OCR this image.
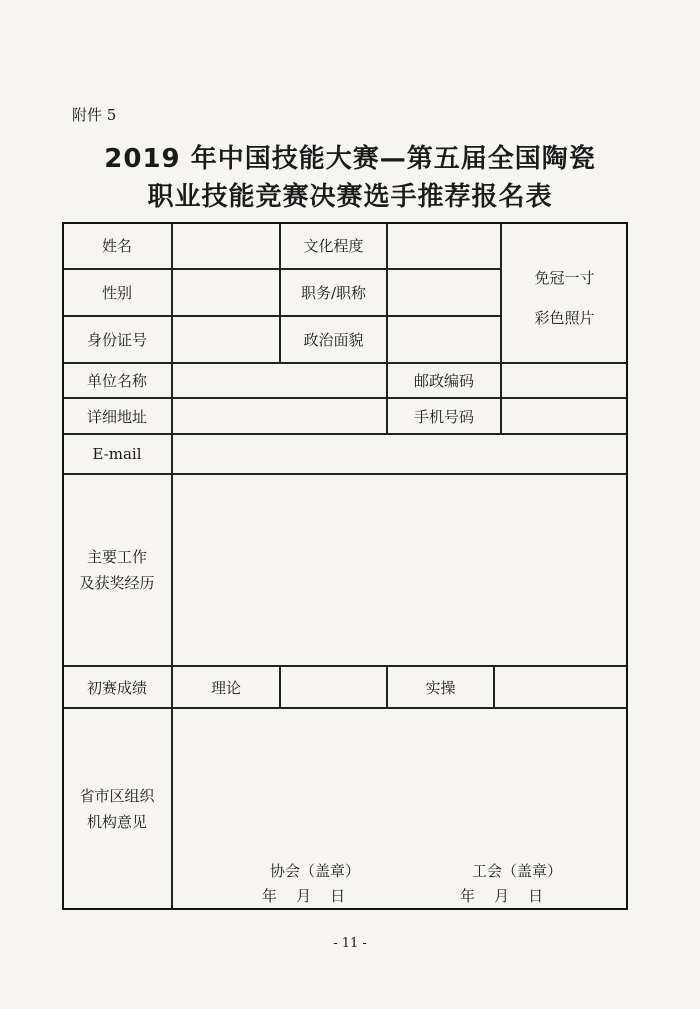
附件 5
2019 年中国技能大赛—第五届全国陶瓷
职业技能竞赛决赛选手推荐报名表
姓名	文化程度
免冠一寸
彩色照片
性别	职务/职称
身份证号	政治面貌
单位名称	邮政编码
详细地址	手机号码
E-mail
主要工作
及获奖经历
初赛成绩	理论	实操
省市区组织
机构意见
协会（盖章）	工会（盖章）
年    月    日	年    月    日
- 11 -
